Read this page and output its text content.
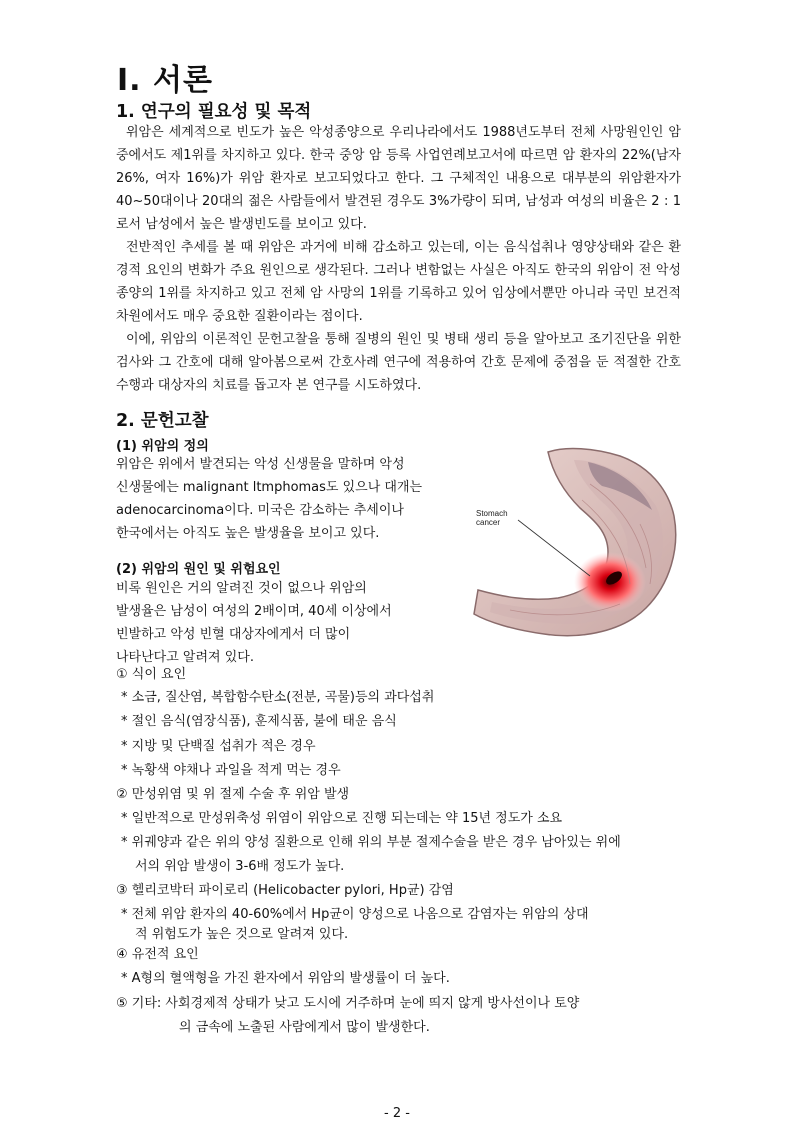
Ⅰ. 서론
1. 연구의 필요성 및 목적

위암은 세계적으로 빈도가 높은 악성종양으로 우리나라에서도 1988년도부터 전체 사망원인인 암 중에서도 제1위를 차지하고 있다. 한국 중앙 암 등록 사업연례보고서에 따르면 암 환자의 22%(남자 26%, 여자 16%)가 위암 환자로 보고되었다고 한다. 그 구체적인 내용으로 대부분의 위암환자가 40~50대이나 20대의 젊은 사람들에서 발견된 경우도 3%가량이 되며, 남성과 여성의 비율은 2 : 1로서 남성에서 높은 발생빈도를 보이고 있다.

전반적인 추세를 볼 때 위암은 과거에 비해 감소하고 있는데, 이는 음식섭취나 영양상태와 같은 환경적 요인의 변화가 주요 원인으로 생각된다. 그러나 변함없는 사실은 아직도 한국의 위암이 전 악성종양의 1위를 차지하고 있고 전체 암 사망의 1위를 기록하고 있어 임상에서뿐만 아니라 국민 보건적 차원에서도 매우 중요한 질환이라는 점이다.

이에, 위암의 이론적인 문헌고찰을 통해 질병의 원인 및 병태 생리 등을 알아보고 조기진단을 위한 검사와 그 간호에 대해 알아봄으로써 간호사례 연구에 적용하여 간호 문제에 중점을 둔 적절한 간호 수행과 대상자의 치료를 돕고자 본 연구를 시도하였다.

2. 문헌고찰
(1) 위암의 정의
위암은 위에서 발견되는 악성 신생물을 말하며 악성
신생물에는 malignant ltmphomas도 있으나 대개는
adenocarcinoma이다. 미국은 감소하는 추세이나
한국에서는 아직도 높은 발생율을 보이고 있다.
(2) 위암의 원인 및 위험요인
비록 원인은 거의 알려진 것이 없으나 위암의
발생율은 남성이 여성의 2배이며, 40세 이상에서
빈발하고 악성 빈혈 대상자에게서 더 많이
나타난다고 알려져 있다.
Stomach cancer
① 식이 요인
* 소금, 질산염, 복합함수탄소(전분, 곡물)등의 과다섭취
* 절인 음식(염장식품), 훈제식품, 불에 태운 음식
* 지방 및 단백질 섭취가 적은 경우
* 녹황색 야채나 과일을 적게 먹는 경우
② 만성위염 및 위 절제 수술 후 위암 발생
* 일반적으로 만성위축성 위염이 위암으로 진행 되는데는 약 15년 정도가 소요
* 위궤양과 같은 위의 양성 질환으로 인해 위의 부분 절제수술을 받은 경우 남아있는 위에
서의 위암 발생이 3-6배 정도가 높다.
③ 헬리코박터 파이로리 (Helicobacter pylori, Hp균) 감염
* 전체 위암 환자의 40-60%에서 Hp균이 양성으로 나옴으로 감염자는 위암의 상대
적 위험도가 높은 것으로 알려져 있다.
④ 유전적 요인
* A형의 혈액형을 가진 환자에서 위암의 발생률이 더 높다.
⑤ 기타: 사회경제적 상태가 낮고 도시에 거주하며 눈에 띄지 않게 방사선이나 토양
의 금속에 노출된 사람에게서 많이 발생한다.
- 2 -
